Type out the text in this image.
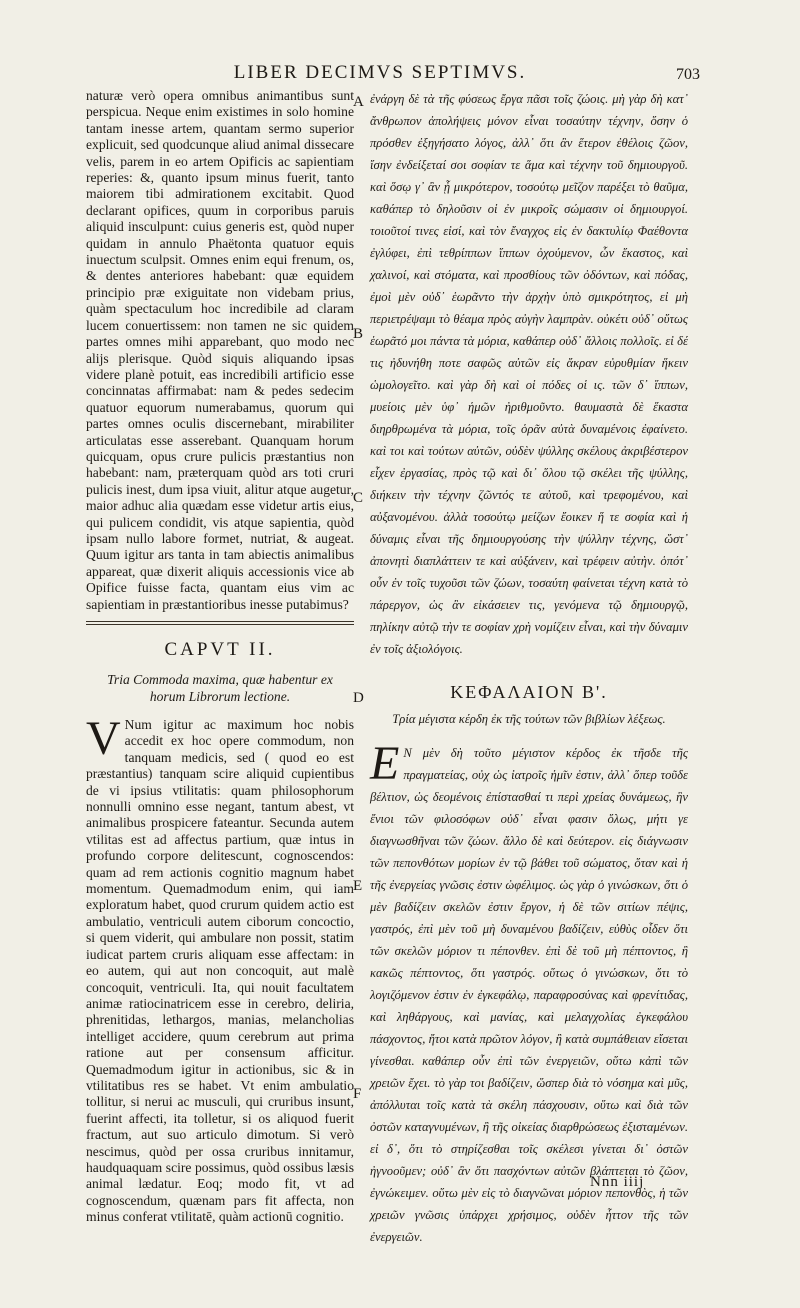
LIBER DECIMVS SEPTIMVS.	703

naturæ verò opera omnibus animantibus sunt perspicua. Neque enim existimes in solo homine tantam inesse artem, quantam sermo superior explicuit, sed quodcunque aliud animal dissecare velis, parem in eo artem Opificis ac sapientiam reperies: &, quanto ipsum minus fuerit, tanto maiorem tibi admirationem excitabit. Quod declarant opifices, quum in corporibus paruis aliquid insculpunt: cuius generis est, quòd nuper quidam in annulo Phaëtonta quatuor equis inuectum sculpsit. Omnes enim equi frenum, os, & dentes anteriores habebant: quæ equidem principio præ exiguitate non videbam prius, quàm spectaculum hoc incredibile ad claram lucem conuertissem: non tamen ne sic quidem partes omnes mihi apparebant, quo modo nec alijs plerisque. Quòd siquis aliquando ipsas videre planè potuit, eas incredibili artificio esse concinnatas affirmabat: nam & pedes sedecim quatuor equorum numerabamus, quorum qui partes omnes oculis discernebant, mirabiliter articulatas esse asserebant. Quanquam horum quicquam, opus crure pulicis præstantius non habebant: nam, præterquam quòd ars toti cruri pulicis inest, dum ipsa viuit, alitur atque augetur, maior adhuc alia quædam esse videtur artis eius, qui pulicem condidit, vis atque sapientia, quòd ipsam nullo labore formet, nutriat, & augeat. Quum igitur ars tanta in tam abiectis animalibus appareat, quæ dixerit aliquis accessionis vice ab Opifice fuisse facta, quantam eius vim ac sapientiam in præstantioribus inesse putabimus?

CAPVT II.

Tria Commoda maxima, quæ habentur ex horum Librorum lectione.

V Num igitur ac maximum hoc nobis accedit ex hoc opere commodum, non tanquam medicis, sed ( quod eo est præstantius) tanquam scire aliquid cupientibus de vi ipsius vtilitatis: quam philosophorum nonnulli omnino esse negant, tantum abest, vt animalibus prospicere fateantur. Secunda autem vtilitas est ad affectus partium, quæ intus in profundo corpore delitescunt, cognoscendos: quam ad rem actionis cognitio magnum habet momentum. Quemadmodum enim, qui iam exploratum habet, quod crurum quidem actio est ambulatio, ventriculi autem ciborum concoctio, si quem viderit, qui ambulare non possit, statim iudicat partem cruris aliquam esse affectam: in eo autem, qui aut non concoquit, aut malè concoquit, ventriculi. Ita, qui nouit facultatem animæ ratiocinatricem esse in cerebro, deliria, phrenitidas, lethargos, manias, melancholias intelliget accidere, quum cerebrum aut prima ratione aut per consensum afficitur. Quemadmodum igitur in actionibus, sic & in vtilitatibus res se habet. Vt enim ambulatio tollitur, si nerui ac musculi, qui cruribus insunt, fuerint affecti, ita tolletur, si os aliquod fuerit fractum, aut suo articulo dimotum. Si verò nescimus, quòd per ossa cruribus innitamur, haudquaquam scire possimus, quòd ossibus læsis animal lædatur. Eoq; modo fit, vt ad cognoscendum, quænam pars fit affecta, non minus conferat vtilitatē, quàm actionū cognitio.

A
B
C
D
E
F

ἐνάργη δὲ τὰ τῆς φύσεως ἔργα πᾶσι τοῖς ζώοις. μὴ γὰρ δὴ κατ᾽ ἄνθρωπον ἀπολήψεις μόνον εἶναι τοσαύτην τέχνην, ὅσην ὁ πρόσθεν ἐξηγήσατο λόγος, ἀλλ᾽ ὅτι ἂν ἕτερον ἐθέλοις ζῶον, ἴσην ἐνδείξεταί σοι σοφίαν τε ἅμα καὶ τέχνην τοῦ δημιουργοῦ. καὶ ὅσῳ γ᾽ ἂν ᾖ μικρότερον, τοσούτῳ μεῖζον παρέξει τὸ θαῦμα, καθάπερ τὸ δηλοῦσιν οἱ ἐν μικροῖς σώμασιν οἱ δημιουργοί. τοιοῦτοί τινες εἰσί, καὶ τὸν ἔναγχος εἰς ἐν δακτυλίῳ Φαέθοντα ἐγλύφει, ἐπὶ τεθρίππων ἵππων ὀχούμενον, ὧν ἕκαστος, καὶ χαλινοί, καὶ στόματα, καὶ προσθίους τῶν ὀδόντων, καὶ πόδας, ἐμοὶ μὲν οὐδ᾽ ἑωρᾶντο τὴν ἀρχὴν ὑπὸ σμικρότητος, εἰ μὴ περιετρέψαμι τὸ θέαμα πρὸς αὐγὴν λαμπρὰν. οὐκέτι οὐδ᾽ οὕτως ἑωρᾶτό μοι πάντα τὰ μόρια, καθάπερ οὐδ᾽ ἄλλοις πολλοῖς. εἰ δέ τις ἠδυνήθη ποτε σαφῶς αὐτῶν εἰς ἄκραν εὐρυθμίαν ἥκειν ὡμολογεῖτο. καὶ γὰρ δὴ καὶ οἱ πόδες οἱ ις. τῶν δ᾽ ἵππων, μυείοις μὲν ὑφ᾽ ἡμῶν ἠριθμοῦντο. θαυμαστὰ δὲ ἕκαστα διηρθρωμένα τὰ μόρια, τοῖς ὁρᾶν αὐτὰ δυναμένοις ἐφαίνετο. καὶ τοι καὶ τούτων αὐτῶν, οὐδὲν ψύλλης σκέλους ἀκριβέστερον εἶχεν ἐργασίας, πρὸς τῷ καὶ δι᾽ ὅλου τῷ σκέλει τῆς ψύλλης, διήκειν τὴν τέχνην ζῶντός τε αὐτοῦ, καὶ τρεφομένου, καὶ αὐξανομένου. ἀλλὰ τοσούτῳ μείζων ἔοικεν ἥ τε σοφία καὶ ἡ δύναμις εἶναι τῆς δημιουργούσης τὴν ψύλλην τέχνης, ὥστ᾽ ἀπονητὶ διαπλάττειν τε καὶ αὐξάνειν, καὶ τρέφειν αὐτὴν. ὁπότ᾽ οὖν ἐν τοῖς τυχοῦσι τῶν ζώων, τοσαύτη φαίνεται τέχνη κατὰ τὸ πάρεργον, ὡς ἂν εἰκάσειεν τις, γενόμενα τῷ δημιουργῷ, πηλίκην αὐτῷ τὴν τε σοφίαν χρὴ νομίζειν εἶναι, καὶ τὴν δύναμιν ἐν τοῖς ἀξιολόγοις.

ΚΕΦΑΛΑΙΟΝ Β'.

Τρία μέγιστα κέρδη ἐκ τῆς τούτων τῶν βιβλίων λέξεως.

Ε Ν μὲν δὴ τοῦτο μέγιστον κέρδος ἐκ τῆσδε τῆς πραγματείας, οὐχ ὡς ἰατροῖς ἡμῖν ἐστιν, ἀλλ᾽ ὅπερ τοῦδε βέλτιον, ὡς δεομένοις ἐπίστασθαί τι περὶ χρείας δυνάμεως, ἣν ἔνιοι τῶν φιλοσόφων οὐδ᾽ εἶναι φασιν ὅλως, μήτι γε διαγνωσθῆναι τῶν ζώων. ἄλλο δὲ καὶ δεύτερον. εἰς διάγνωσιν τῶν πεπονθότων μορίων ἐν τῷ βάθει τοῦ σώματος, ὅταν καὶ ἡ τῆς ἐνεργείας γνῶσις ἐστιν ὠφέλιμος. ὡς γὰρ ὁ γινώσκων, ὅτι ὁ μὲν βαδίζειν σκελῶν ἐστιν ἔργον, ἡ δὲ τῶν σιτίων πέψις, γαστρός, ἐπὶ μὲν τοῦ μὴ δυναμένου βαδίζειν, εὐθὺς οἶδεν ὅτι τῶν σκελῶν μόριον τι πέπονθεν. ἐπὶ δὲ τοῦ μὴ πέπτοντος, ἢ κακῶς πέπτοντος, ὅτι γαστρός. οὕτως ὁ γινώσκων, ὅτι τὸ λογιζόμενον ἐστιν ἐν ἐγκεφάλῳ, παραφροσύνας καὶ φρενίτιδας, καὶ ληθάργους, καὶ μανίας, καὶ μελαγχολίας ἐγκεφάλου πάσχοντος, ἤτοι κατὰ πρῶτον λόγον, ἢ κατὰ συμπάθειαν εἴσεται γίνεσθαι. καθάπερ οὖν ἐπὶ τῶν ἐνεργειῶν, οὕτω κἀπὶ τῶν χρειῶν ἔχει. τὸ γὰρ τοι βαδίζειν, ὥσπερ διὰ τὸ νόσημα καὶ μῦς, ἀπόλλυται τοῖς κατὰ τὰ σκέλη πάσχουσιν, οὕτω καὶ διὰ τῶν ὀστῶν καταγνυμένων, ἢ τῆς οἰκείας διαρθρώσεως ἐξισταμένων. εἰ δ᾽, ὅτι τὸ στηρίζεσθαι τοῖς σκέλεσι γίνεται δι᾽ ὀστῶν ἠγνοοῦμεν; οὐδ᾽ ἂν ὅτι πασχόντων αὐτῶν βλάπτεται τὸ ζῶον, ἐγνώκειμεν. οὕτω μὲν εἰς τὸ διαγνῶναι μόριον πεπονθὸς, ἡ τῶν χρειῶν γνῶσις ὑπάρχει χρήσιμος, οὐδὲν ἧττον τῆς τῶν ἐνεργειῶν.

Nnn iiij
